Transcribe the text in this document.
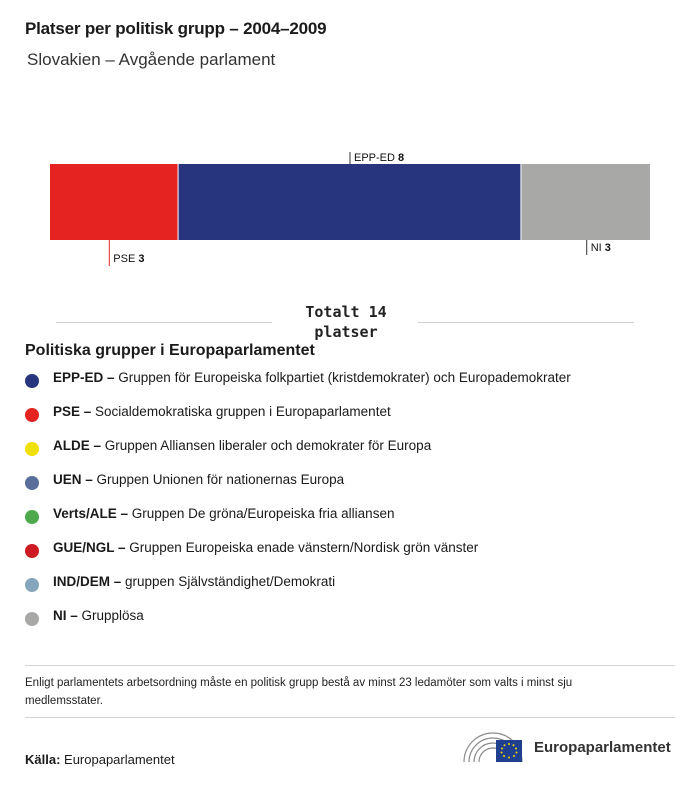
Platser per politisk grupp – 2004–2009
Slovakien – Avgående parlament
PSE 3
EPP-ED 8
NI 3
Totalt 14 platser
Politiska grupper i Europaparlamentet
EPP-ED – Gruppen för Europeiska folkpartiet (kristdemokrater) och Europademokrater
PSE – Socialdemokratiska gruppen i Europaparlamentet
ALDE – Gruppen Alliansen liberaler och demokrater för Europa
UEN – Gruppen Unionen för nationernas Europa
Verts/ALE – Gruppen De gröna/Europeiska fria alliansen
GUE/NGL – Gruppen Europeiska enade vänstern/Nordisk grön vänster
IND/DEM – gruppen Självständighet/Demokrati
NI – Grupplösa
Enligt parlamentets arbetsordning måste en politisk grupp bestå av minst 23 ledamöter som valts i minst sju medlemsstater.
Källa: Europaparlamentet
Europaparlamentet
